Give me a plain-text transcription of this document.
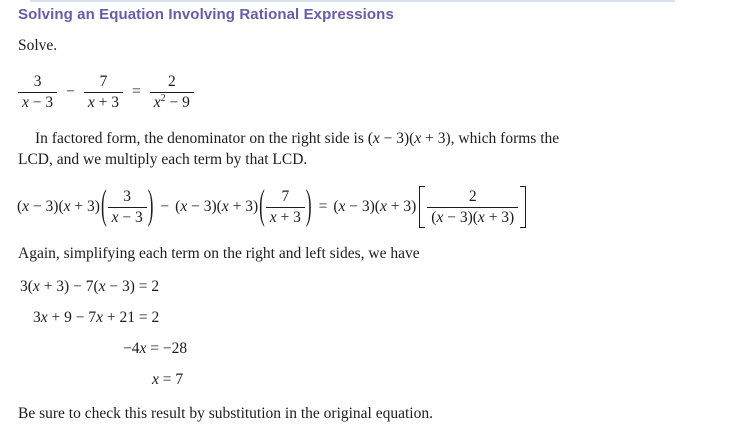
Solving an Equation Involving Rational Expressions

Solve.

$\frac{3}{x - 3} - \frac{7}{x + 3} = \frac{2}{x^2 - 9}$

In factored form, the denominator on the right side is (x − 3)(x + 3), which forms the

LCD, and we multiply each term by that LCD.

(x − 3)(x + 3) ( $\frac{3}{x - 3}$ ) − (x − 3)(x + 3) ( $\frac{7}{x + 3}$ ) = $(x - 3)(x + 3) \frac{2}{(x - 3)(x + 3)}$

Again, simplifying each term on the right and left sides, we have

3(x + 3) − 7(x − 3) = 2

3x + 9 − 7x + 21 = 2

−4x = −28

x = 7

Be sure to check this result by substitution in the original equation.
